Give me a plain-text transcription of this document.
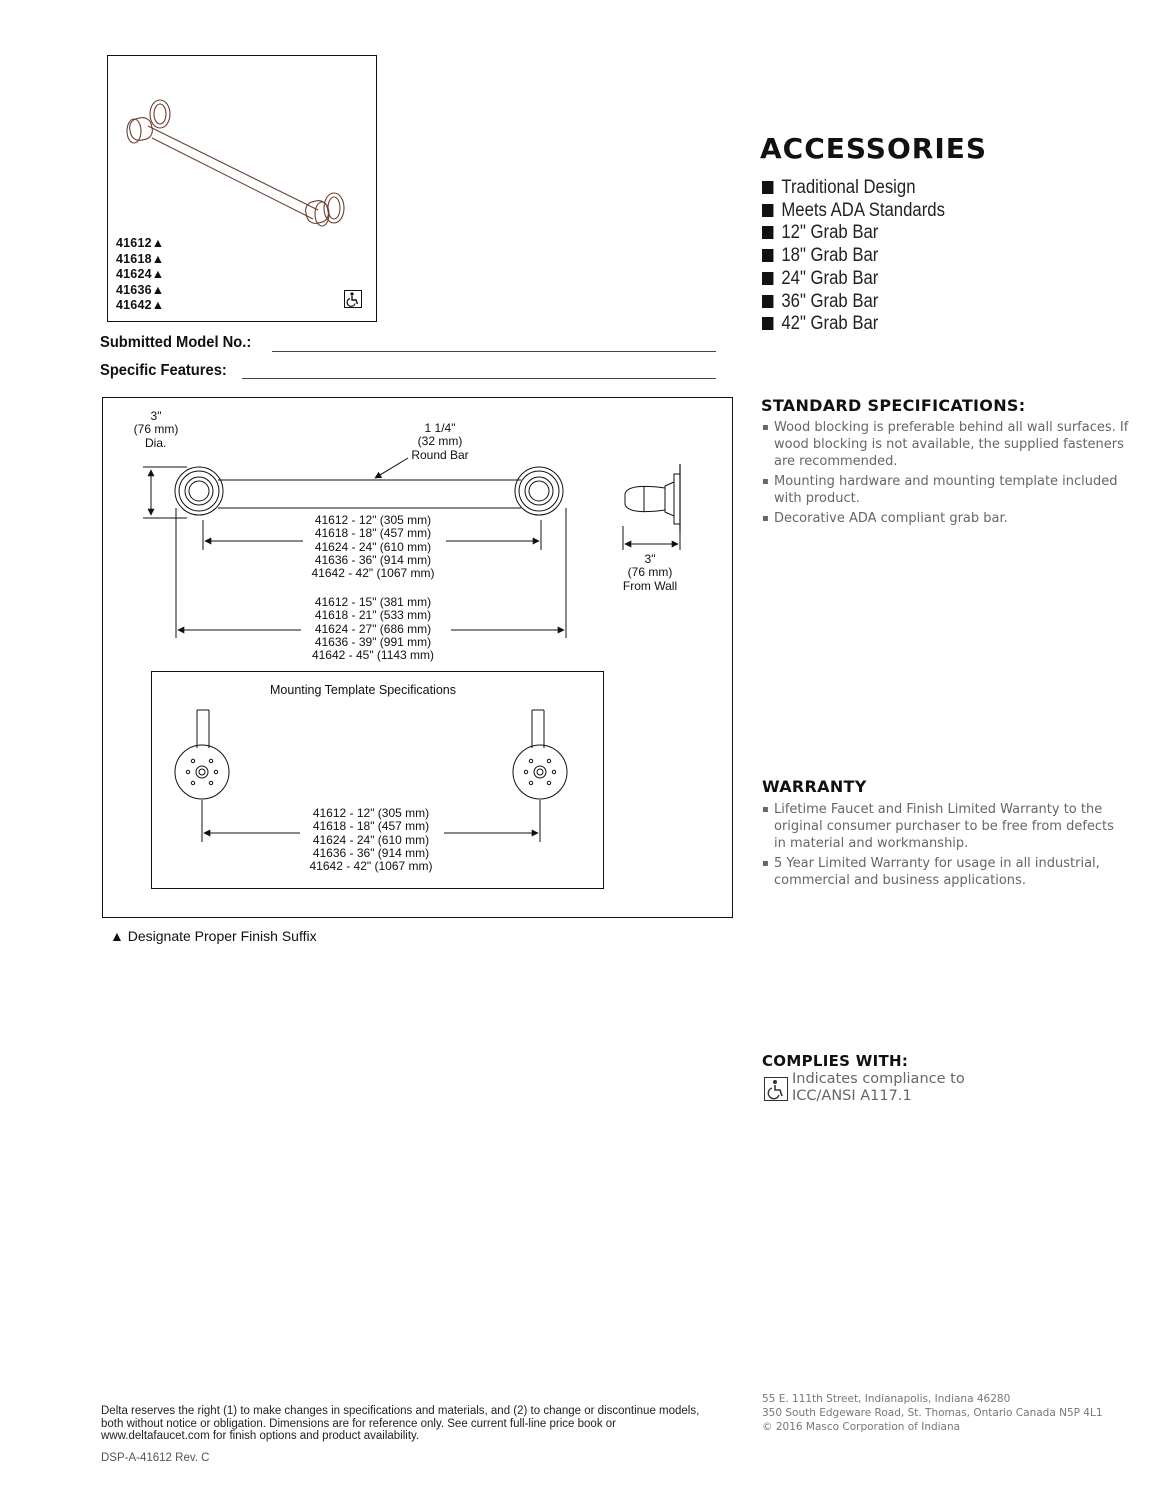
41612▲
41618▲
41624▲
41636▲
41642▲
Submitted Model No.:
Specific Features:
ACCESSORIES
Traditional Design
Meets ADA Standards
12" Grab Bar
18" Grab Bar
24" Grab Bar
36" Grab Bar
42" Grab Bar
STANDARD SPECIFICATIONS:
▪ Wood blocking is preferable behind all wall surfaces. If wood blocking is not available, the supplied fasteners are recommended.
▪ Mounting hardware and mounting template included with product.
▪ Decorative ADA compliant grab bar.
3"
(76 mm)
Dia.
1 1/4"
(32 mm)
Round Bar
41612 - 12" (305 mm)
41618 - 18" (457 mm)
41624 - 24" (610 mm)
41636 - 36" (914 mm)
41642 - 42" (1067 mm)
41612 - 15" (381 mm)
41618 - 21" (533 mm)
41624 - 27" (686 mm)
41636 - 39" (991 mm)
41642 - 45" (1143 mm)
3"
(76 mm)
From Wall
Mounting Template Specifications
41612 - 12" (305 mm)
41618 - 18" (457 mm)
41624 - 24" (610 mm)
41636 - 36" (914 mm)
41642 - 42" (1067 mm)
▲ Designate Proper Finish Suffix
WARRANTY
▪ Lifetime Faucet and Finish Limited Warranty to the original consumer purchaser to be free from defects in material and workmanship.
▪ 5 Year Limited Warranty for usage in all industrial, commercial and business applications.
COMPLIES WITH:
Indicates compliance to
ICC/ANSI A117.1
Delta reserves the right (1) to make changes in specifications and materials, and (2) to change or discontinue models, both without notice or obligation. Dimensions are for reference only. See current full-line price book or www.deltafaucet.com for finish options and product availability.
DSP-A-41612 Rev. C
55 E. 111th Street, Indianapolis, Indiana 46280
350 South Edgeware Road, St. Thomas, Ontario Canada N5P 4L1
© 2016 Masco Corporation of Indiana
